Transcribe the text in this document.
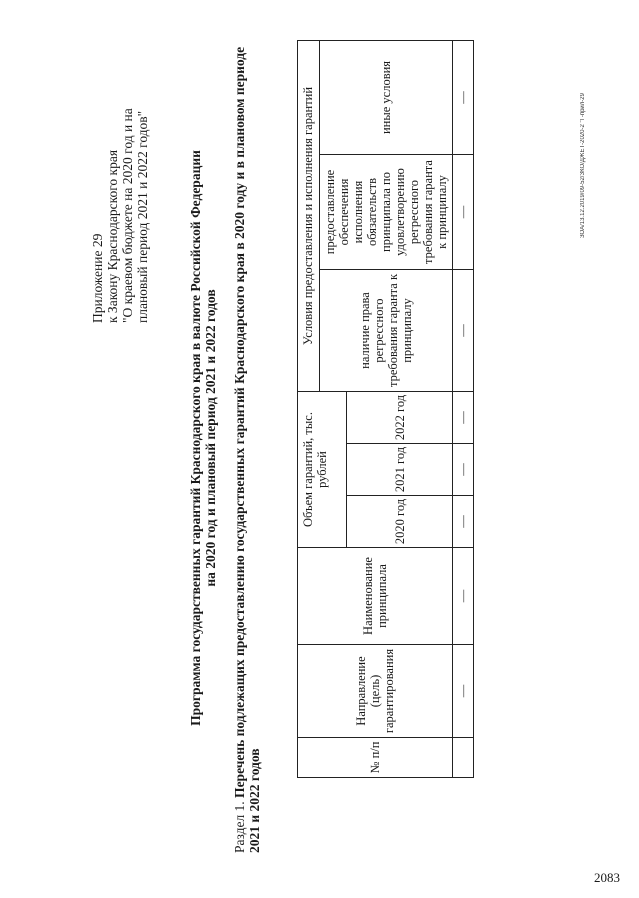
Приложение 29 к Закону Краснодарского края "О краевом бюджете на 2020 год и на плановый период 2021 и 2022 годов"	Программа государственных гарантий Краснодарского края в валюте Российской Федерации на 2020 год и плановый период 2021 и 2022 годов
Раздел 1. Перечень подлежащих предоставлению государственных гарантий Краснодарского края в 2020 году и в плановом периоде 2021 и 2022 годов	№ п/п	Направление (цель) гарантирования	Наименование принципала	Объем гарантий, тыс. рублей			Условия предоставления и исполнения гарантий		
						наличие права регрессного требования гаранта к принципалу	предоставление обеспечения исполнения обязательств принципала по удовлетворению регрессного требования гаранта к принципалу	иные условия
			2020 год	2021 год	2022 год			
	—	—	—	—	—	—	—	—	ЗОА/13.12.2019/09-52/ЗКО/ДЖЕТ-2020-2 "Г-прил-29
2083
